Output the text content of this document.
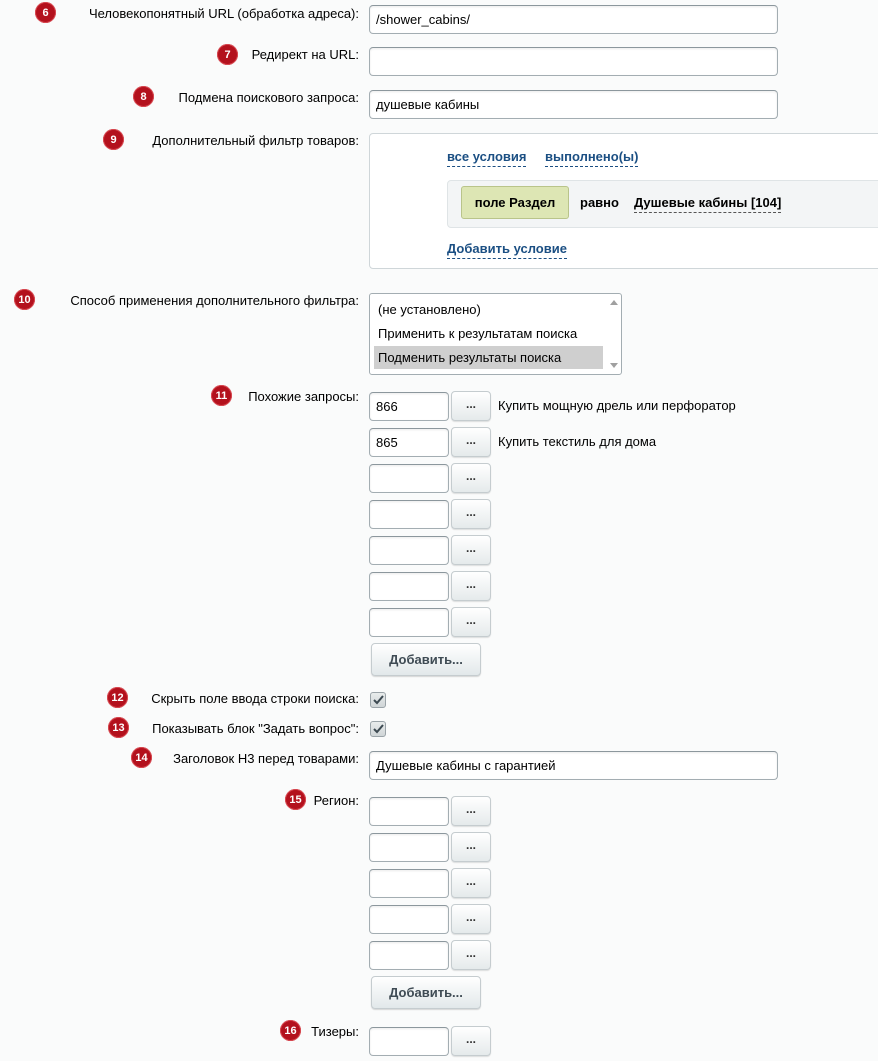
6	Человекопонятный URL (обработка адреса):	/shower_cabins/
7	Редирект на URL:
8	Подмена поискового запроса:	душевые кабины
9	Дополнительный фильтр товаров:
все условия выполнено(ы)
поле Раздел	равно Душевые кабины [104]
Добавить условие
10	Способ применения дополнительного фильтра:
(не установлено)
Применить к результатам поиска
Подменить результаты поиска
11	Похожие запросы:
866	...	Купить мощную дрель или перфоратор
865	...	Купить текстиль для дома
...
...
...
...
...
Добавить...
12	Скрыть поле ввода строки поиска:
13	Показывать блок "Задать вопрос":
14	Заголовок H3 перед товарами:	Душевые кабины с гарантией
15 Регион:
...
...
...
...
...
Добавить...
16	Тизеры:	...
